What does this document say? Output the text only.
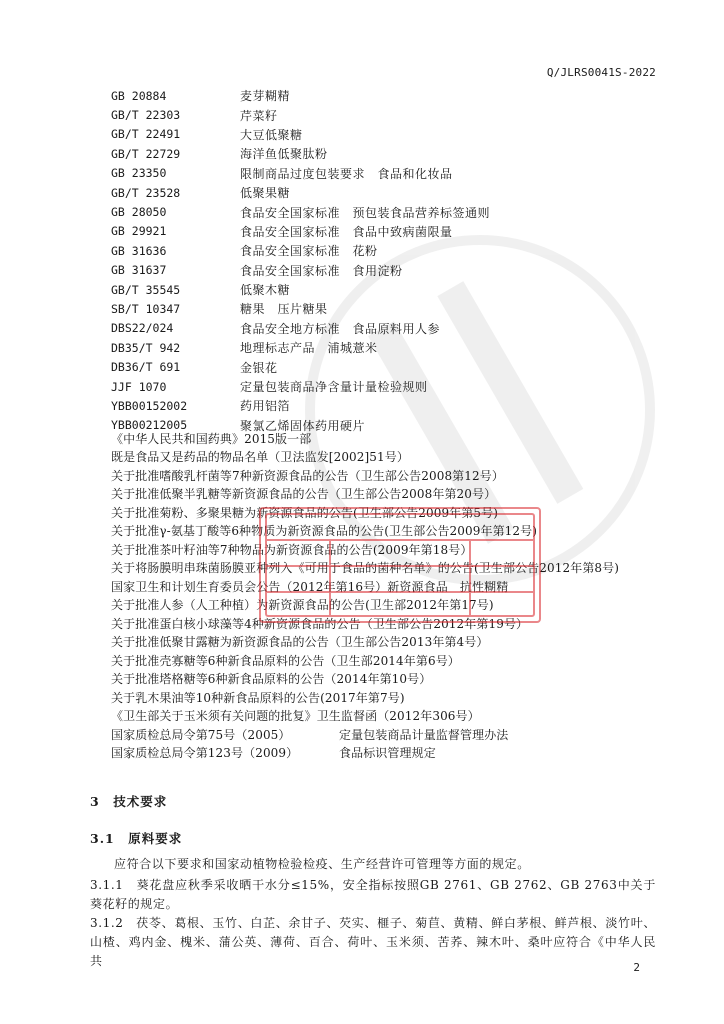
Q/JLRS0041S-2022
GB 20884	麦芽糊精
GB/T 22303	芹菜籽
GB/T 22491	大豆低聚糖
GB/T 22729	海洋鱼低聚肽粉
GB 23350	限制商品过度包装要求　食品和化妆品
GB/T 23528	低聚果糖
GB 28050	食品安全国家标准　预包装食品营养标签通则
GB 29921	食品安全国家标准　食品中致病菌限量
GB 31636	食品安全国家标准　花粉
GB 31637	食品安全国家标准　食用淀粉
GB/T 35545	低聚木糖
SB/T 10347	糖果　压片糖果
DBS22/024	食品安全地方标准　食品原料用人参
DB35/T 942	地理标志产品　浦城薏米
DB36/T 691	金银花
JJF 1070	定量包装商品净含量计量检验规则
YBB00152002	药用铝箔
YBB00212005	聚氯乙烯固体药用硬片
《中华人民共和国药典》2015版一部
既是食品又是药品的物品名单（卫法监发[2002]51号）
关于批准嗜酸乳杆菌等7种新资源食品的公告（卫生部公告2008第12号）
关于批准低聚半乳糖等新资源食品的公告（卫生部公告2008年第20号）
关于批准菊粉、多聚果糖为新资源食品的公告(卫生部公告2009年第5号)
关于批准γ-氨基丁酸等6种物质为新资源食品的公告(卫生部公告2009年第12号)
关于批准茶叶籽油等7种物品为新资源食品的公告(2009年第18号）
关于将肠膜明串珠菌肠膜亚种列入《可用于食品的菌种名单》的公告(卫生部公告2012年第8号)
国家卫生和计划生育委员会公告（2012年第16号）新资源食品　抗性糊精
关于批准人参（人工种植）为新资源食品的公告(卫生部2012年第17号)
关于批准蛋白核小球藻等4种新资源食品的公告（卫生部公告2012年第19号）
关于批准低聚甘露糖为新资源食品的公告（卫生部公告2013年第4号）
关于批准壳寡糖等6种新食品原料的公告（卫生部2014年第6号）
关于批准塔格糖等6种新食品原料的公告（2014年第10号）
关于乳木果油等10种新食品原料的公告(2017年第7号)
《卫生部关于玉米须有关问题的批复》卫生监督函（2012年306号）
国家质检总局令第75号（2005）	定量包装商品计量监督管理办法
国家质检总局令第123号（2009）	食品标识管理规定
3　技术要求
3.1　原料要求
应符合以下要求和国家动植物检验检疫、生产经营许可管理等方面的规定。
3.1.1　葵花盘应秋季采收晒干水分≤15%，安全指标按照GB 2761、GB 2762、GB 2763中关于葵花籽的规定。
3.1.2　茯苓、葛根、玉竹、白芷、余甘子、芡实、榧子、菊苣、黄精、鲜白茅根、鲜芦根、淡竹叶、山楂、鸡内金、槐米、蒲公英、薄荷、百合、荷叶、玉米须、苦荞、辣木叶、桑叶应符合《中华人民共	2
